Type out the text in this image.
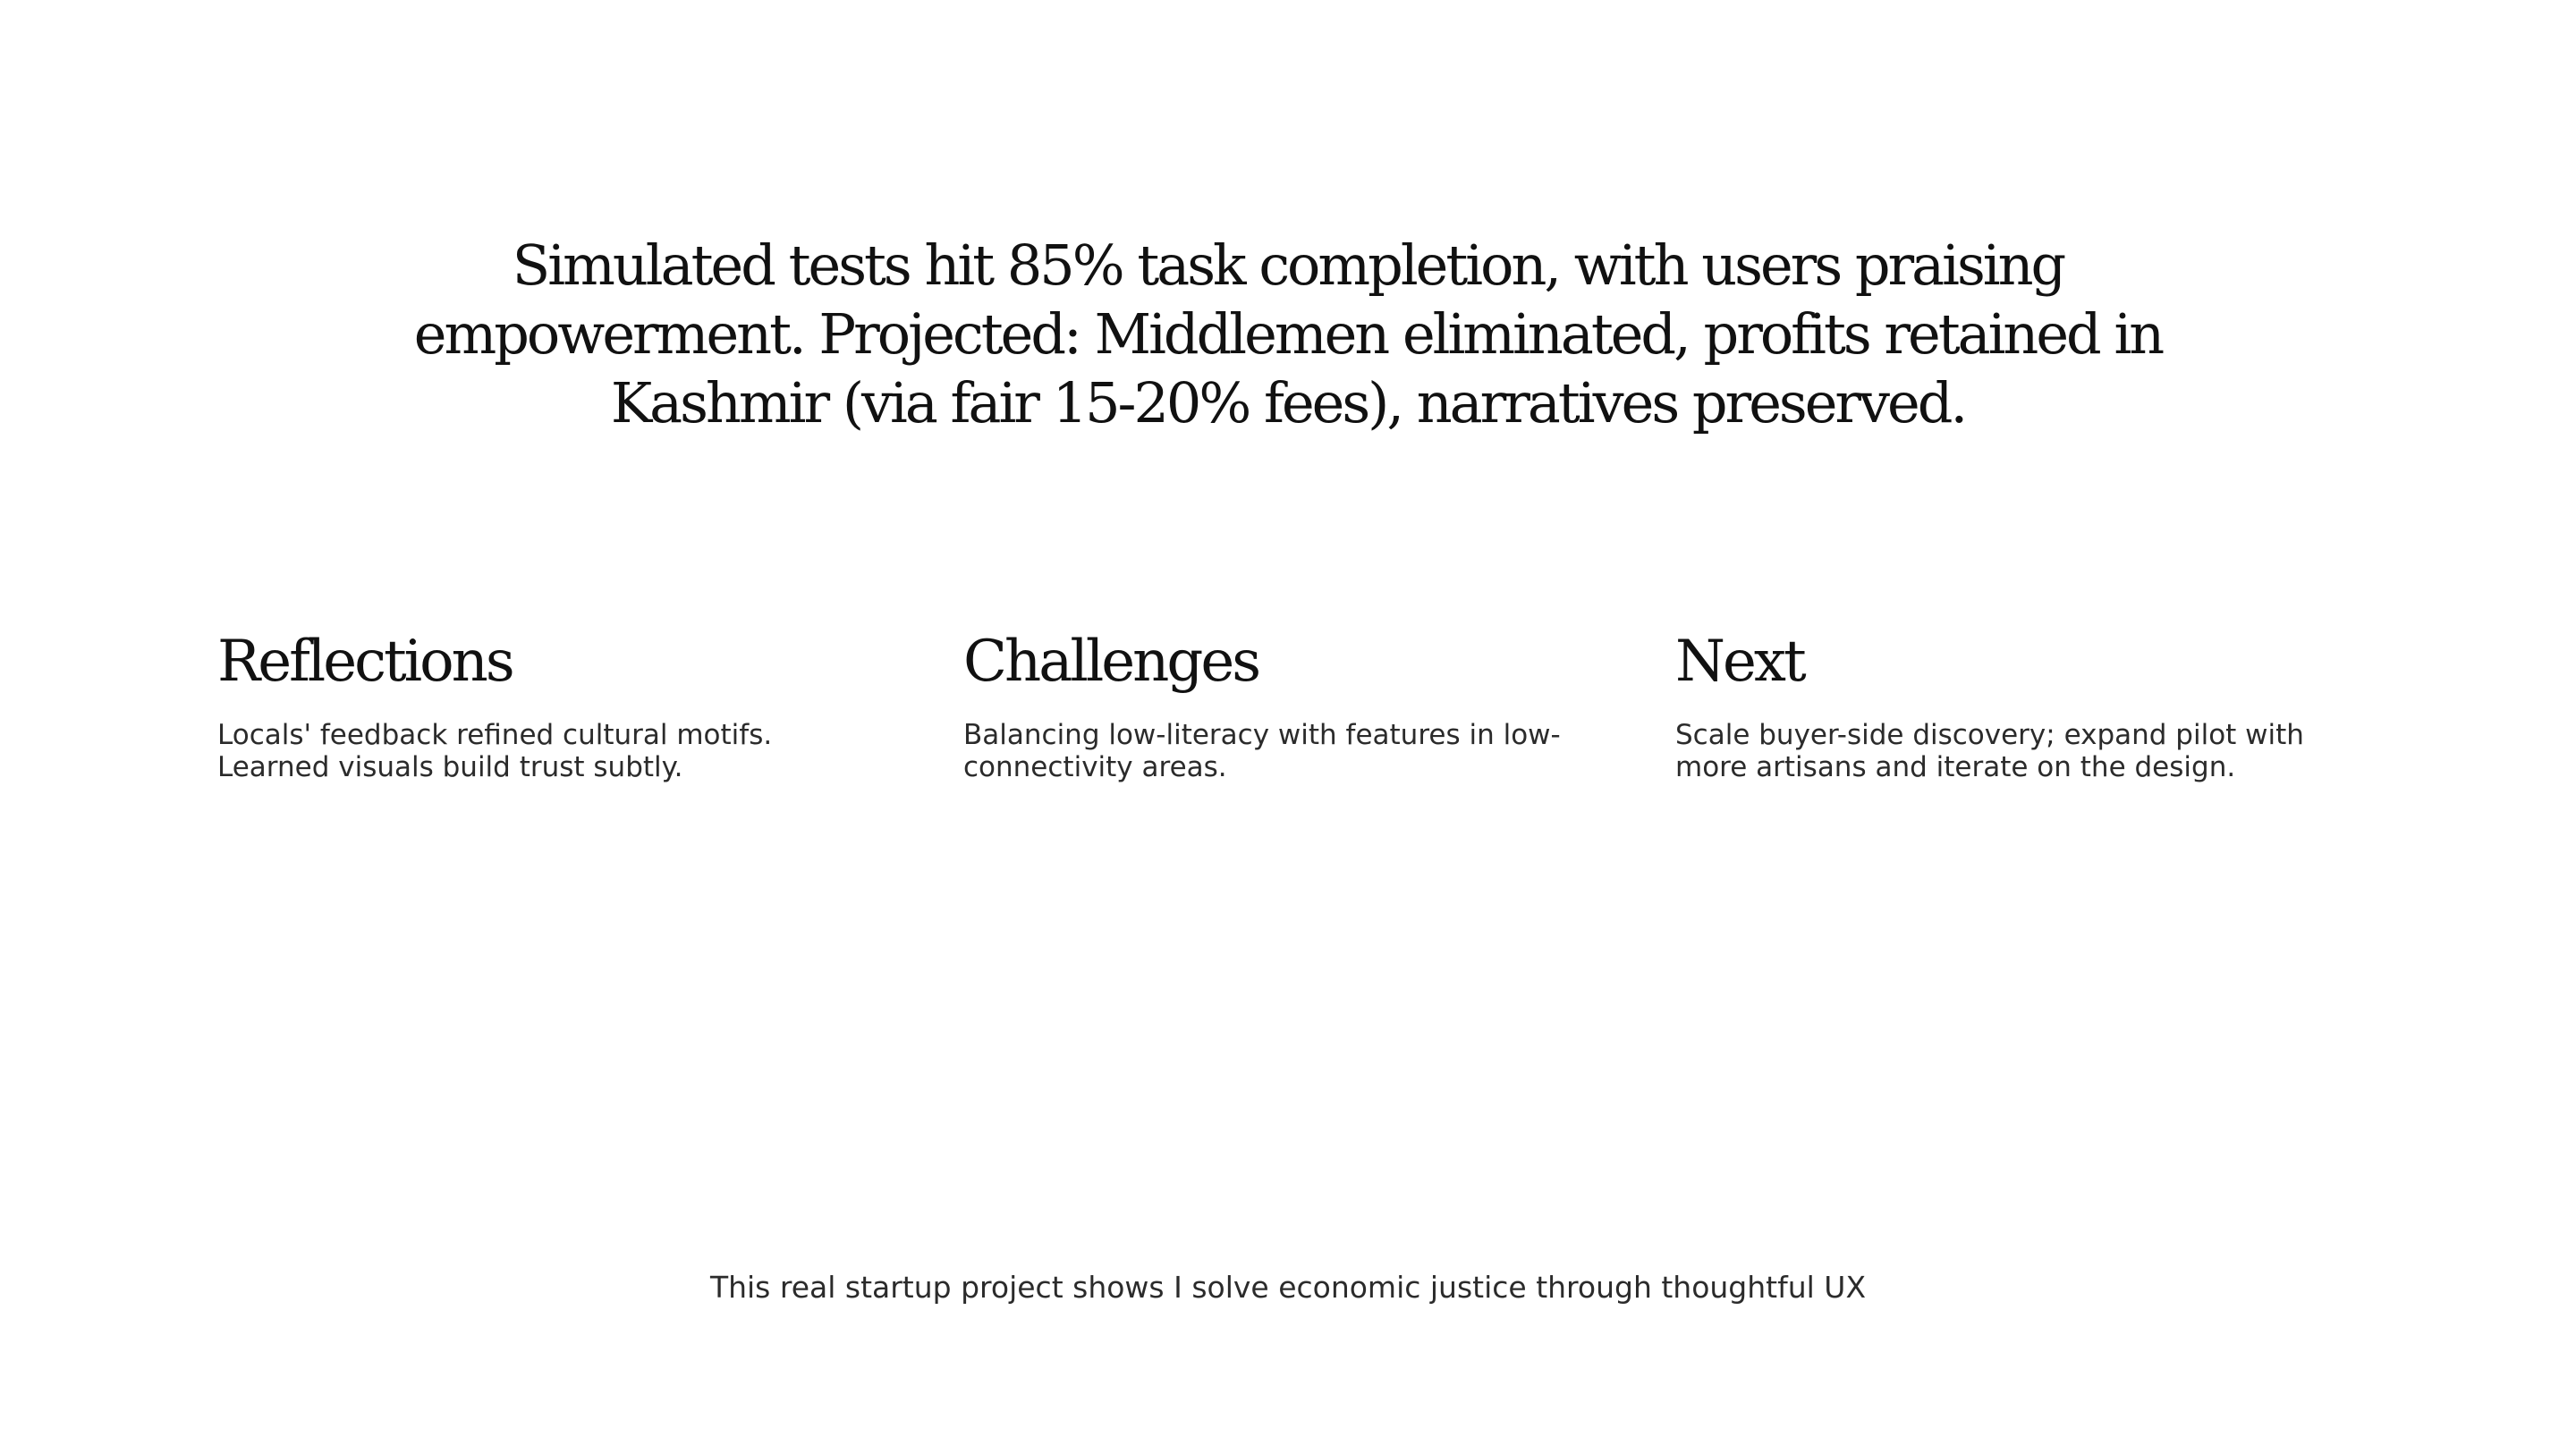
Simulated tests hit 85% task completion, with users praising
empowerment. Projected: Middlemen eliminated, profits retained in
Kashmir (via fair 15-20% fees), narratives preserved.
Reflections

Locals' feedback refined cultural motifs.
Learned visuals build trust subtly.

Challenges

Balancing low-literacy with features in low-
connectivity areas.

Next

Scale buyer-side discovery; expand pilot with
more artisans and iterate on the design.

This real startup project shows I solve economic justice through thoughtful UX
